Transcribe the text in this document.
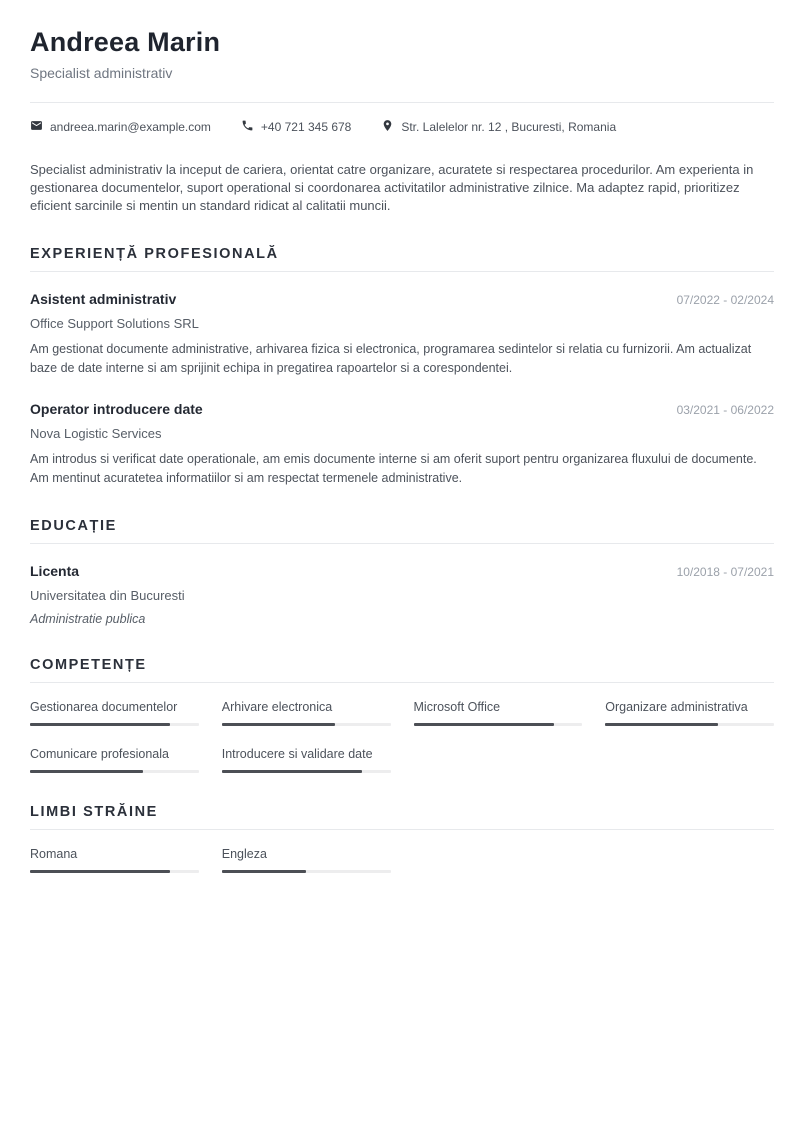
Andreea Marin
Specialist administrativ
andreea.marin@example.com	+40 721 345 678	Str. Lalelelor nr. 12 , Bucuresti, Romania

Specialist administrativ la inceput de cariera, orientat catre organizare, acuratete si respectarea procedurilor. Am experienta in gestionarea documentelor, suport operational si coordonarea activitatilor administrative zilnice. Ma adaptez rapid, prioritizez eficient sarcinile si mentin un standard ridicat al calitatii muncii.

EXPERIENȚĂ PROFESIONALĂ
Asistent administrativ	07/2022 - 02/2024
Office Support Solutions SRL
Am gestionat documente administrative, arhivarea fizica si electronica, programarea sedintelor si relatia cu furnizorii. Am actualizat baze de date interne si am sprijinit echipa in pregatirea rapoartelor si a corespondentei.
Operator introducere date	03/2021 - 06/2022
Nova Logistic Services
Am introdus si verificat date operationale, am emis documente interne si am oferit suport pentru organizarea fluxului de documente. Am mentinut acuratetea informatiilor si am respectat termenele administrative.
EDUCAȚIE
Licenta	10/2018 - 07/2021
Universitatea din Bucuresti
Administratie publica
COMPETENȚE
Gestionarea documentelor	Arhivare electronica	Microsoft Office	Organizare administrativa
Comunicare profesionala	Introducere si validare date
LIMBI STRĂINE
Romana	Engleza
